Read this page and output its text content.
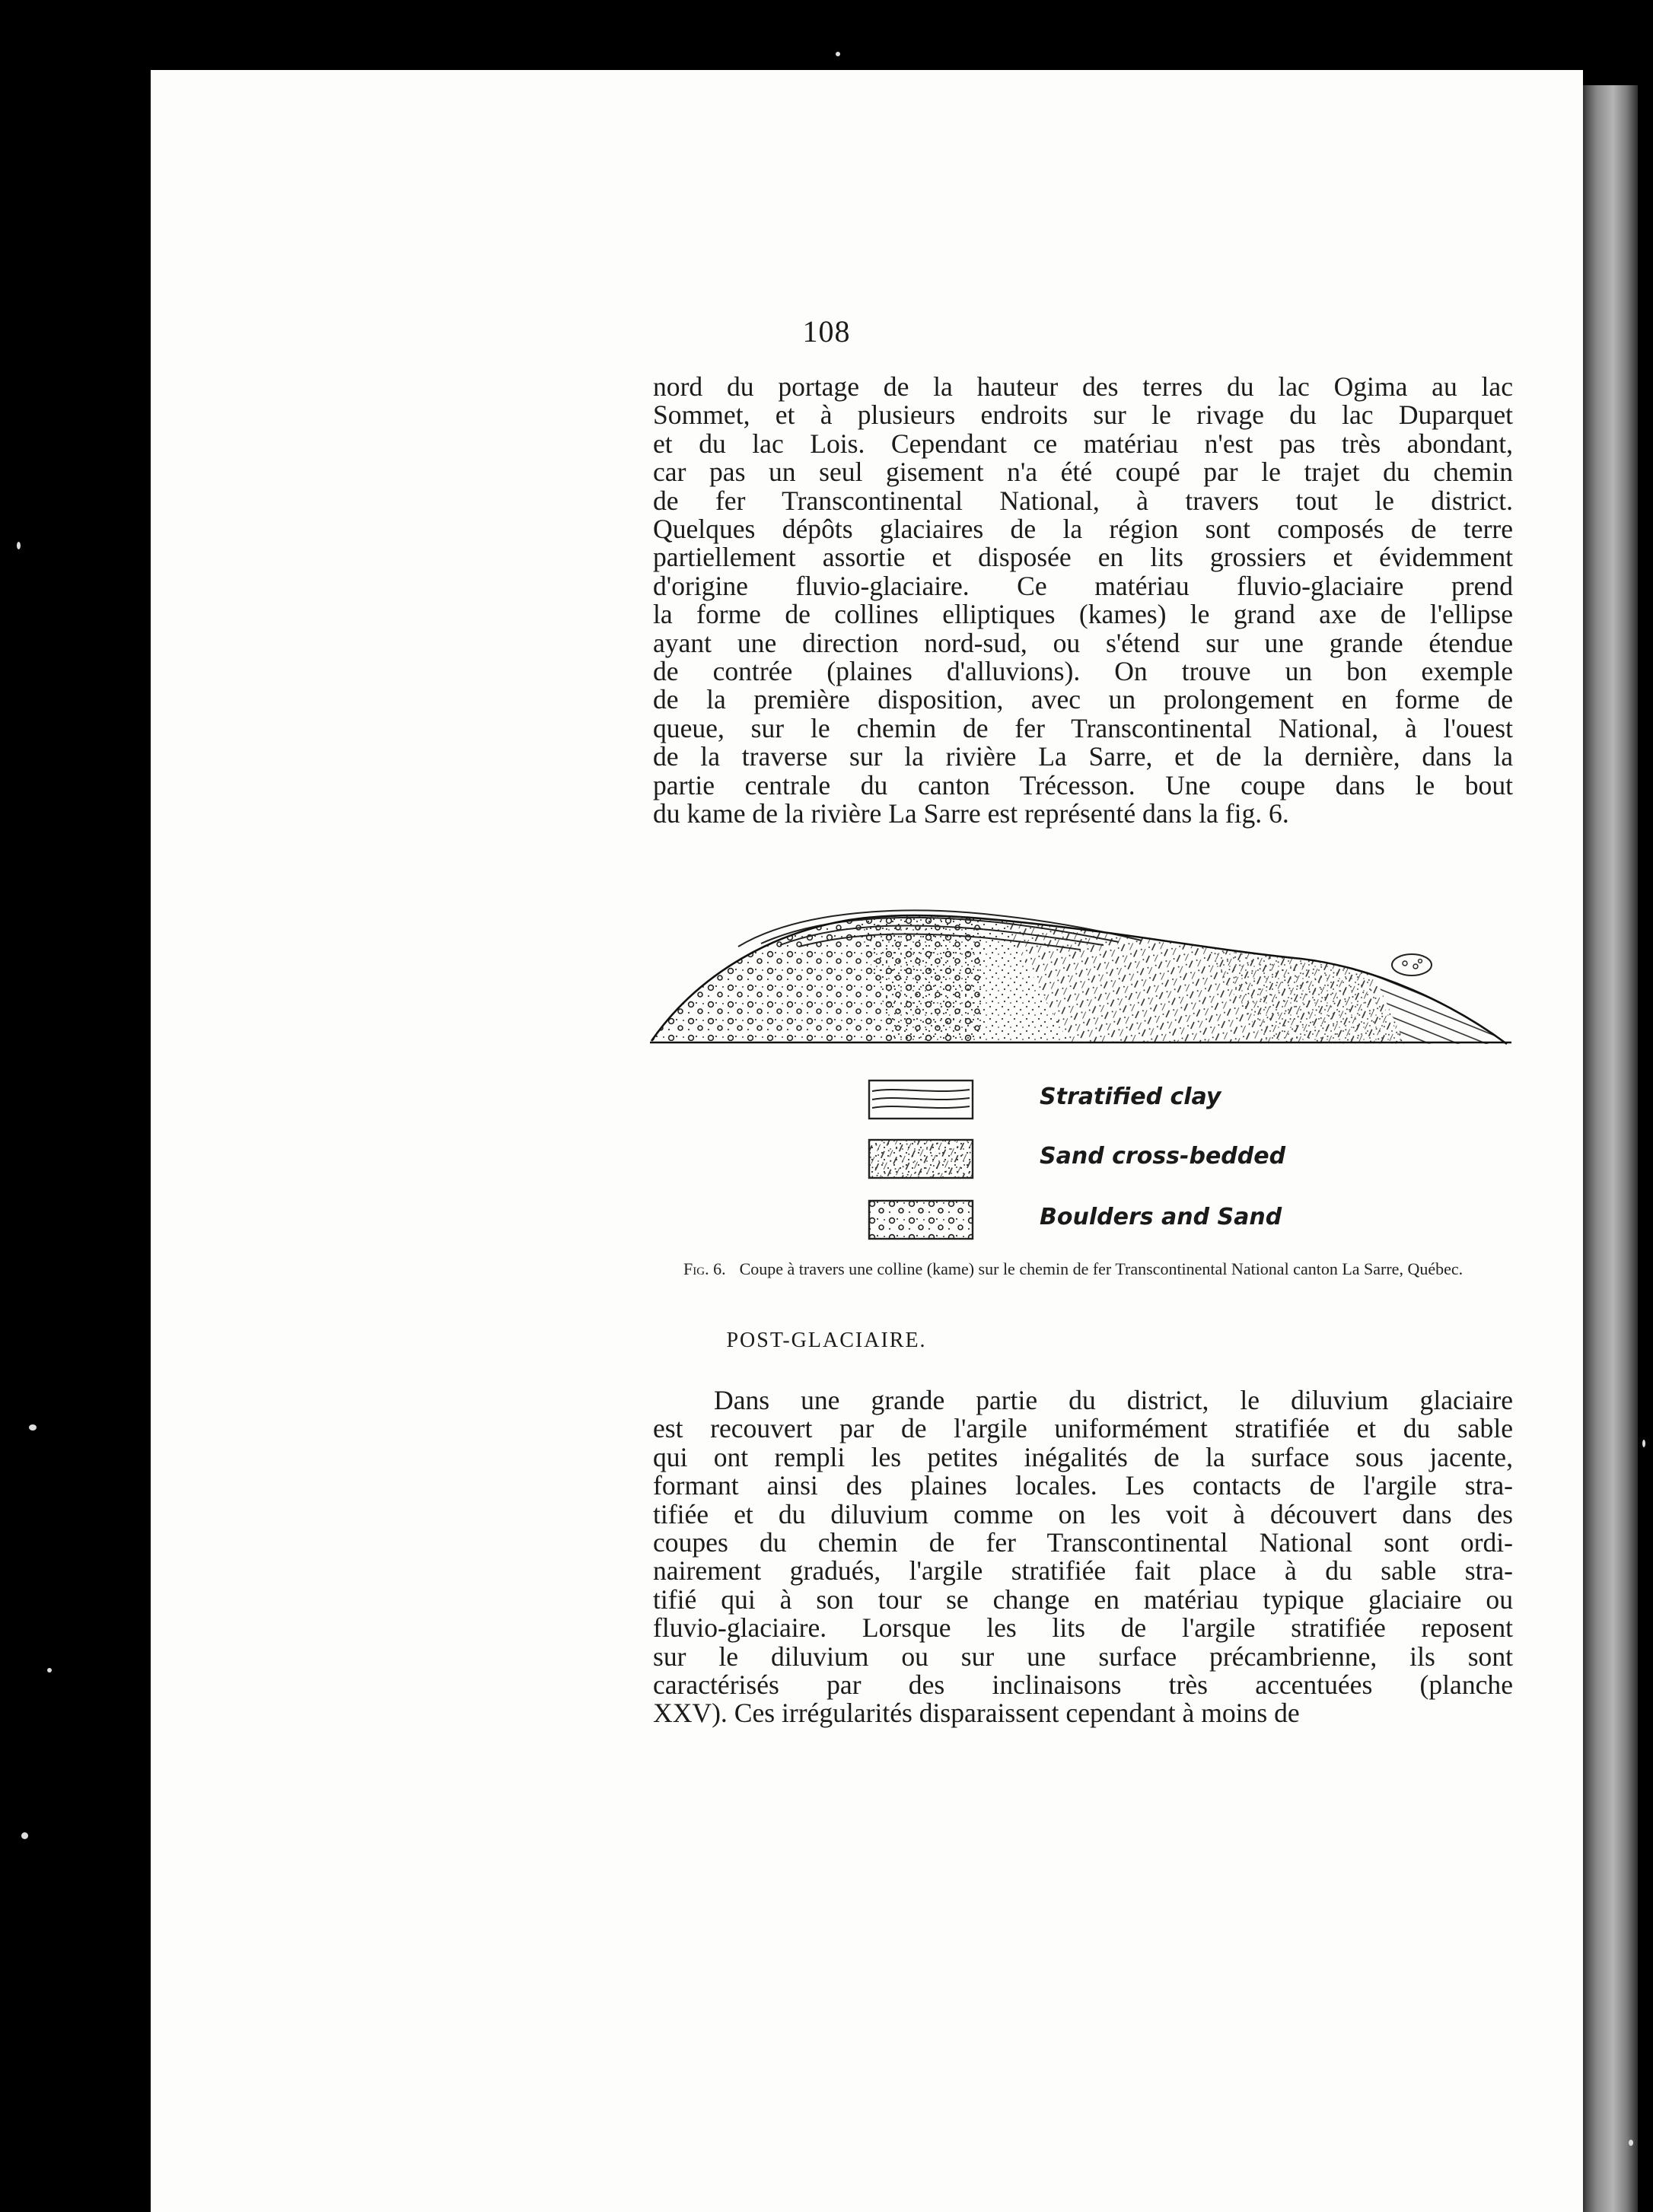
108
nord du portage de la hauteur des terres du lac Ogima au lac
Sommet, et à plusieurs endroits sur le rivage du lac Duparquet
et du lac Lois. Cependant ce matériau n'est pas très abondant,
car pas un seul gisement n'a été coupé par le trajet du chemin
de fer Transcontinental National, à travers tout le district.
Quelques dépôts glaciaires de la région sont composés de terre
partiellement assortie et disposée en lits grossiers et évidemment
d'origine fluvio-glaciaire. Ce matériau fluvio-glaciaire prend
la forme de collines elliptiques (kames) le grand axe de l'ellipse
ayant une direction nord-sud, ou s'étend sur une grande étendue
de contrée (plaines d'alluvions). On trouve un bon exemple
de la première disposition, avec un prolongement en forme de
queue, sur le chemin de fer Transcontinental National, à l'ouest
de la traverse sur la rivière La Sarre, et de la dernière, dans la
partie centrale du canton Trécesson. Une coupe dans le bout
du kame de la rivière La Sarre est représenté dans la fig. 6.
Stratified clay
Sand cross-bedded
Boulders and Sand
Fig. 6. Coupe à travers une colline (kame) sur le chemin de fer Transcontinental National canton La Sarre, Québec.
POST-GLACIAIRE.
Dans une grande partie du district, le diluvium glaciaire
est recouvert par de l'argile uniformément stratifiée et du sable
qui ont rempli les petites inégalités de la surface sous jacente,
formant ainsi des plaines locales. Les contacts de l'argile stra-
tifiée et du diluvium comme on les voit à découvert dans des
coupes du chemin de fer Transcontinental National sont ordi-
nairement gradués, l'argile stratifiée fait place à du sable stra-
tifié qui à son tour se change en matériau typique glaciaire ou
fluvio-glaciaire. Lorsque les lits de l'argile stratifiée reposent
sur le diluvium ou sur une surface précambrienne, ils sont
caractérisés par des inclinaisons très accentuées (planche
XXV). Ces irrégularités disparaissent cependant à moins de
